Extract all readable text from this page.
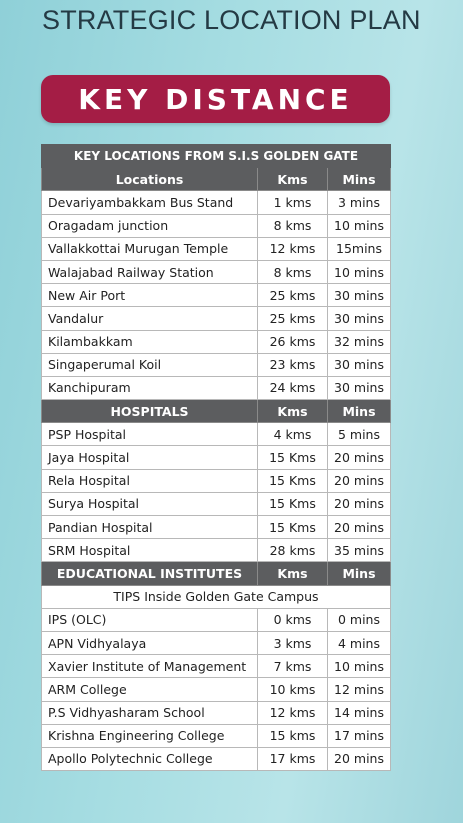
STRATEGIC LOCATION PLAN
KEY DISTANCE
KEY LOCATIONS FROM S.I.S GOLDEN GATE		
Locations	Kms	Mins
Devariyambakkam Bus Stand	1 kms	3 mins
Oragadam junction	8 kms	10 mins
Vallakkottai Murugan Temple	12 kms	15mins
Walajabad Railway Station	8 kms	10 mins
New Air Port	25 kms	30 mins
Vandalur	25 kms	30 mins
Kilambakkam	26 kms	32 mins
Singaperumal Koil	23 kms	30 mins
Kanchipuram	24 kms	30 mins
HOSPITALS	Kms	Mins
PSP Hospital	4 kms	5 mins
Jaya Hospital	15 Kms	20 mins
Rela Hospital	15 Kms	20 mins
Surya Hospital	15 Kms	20 mins
Pandian Hospital	15 Kms	20 mins
SRM Hospital	28 kms	35 mins
EDUCATIONAL INSTITUTES	Kms	Mins
TIPS Inside Golden Gate Campus		
IPS (OLC)	0 kms	0 mins
APN Vidhyalaya	3 kms	4 mins
Xavier Institute of Management	7 kms	10 mins
ARM College	10 kms	12 mins
P.S Vidhyasharam School	12 kms	14 mins
Krishna Engineering College	15 kms	17 mins
Apollo Polytechnic College	17 kms	20 mins
